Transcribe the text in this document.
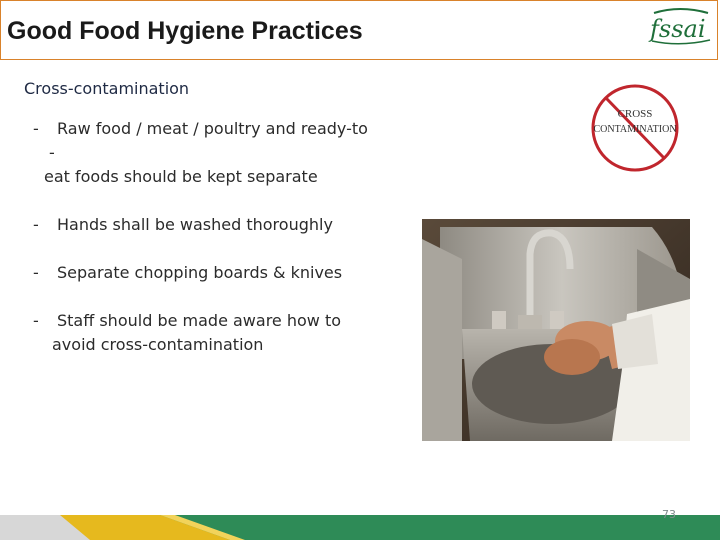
Good Food Hygiene Practices	fssai
Cross-contamination
- Raw food / meat / poultry and ready-to
-
eat foods should be kept separate
- Hands shall be washed thoroughly
- Separate chopping boards & knives
- Staff should be made aware how to
avoid cross-contamination
CROSS
CONTAMINATION
73
